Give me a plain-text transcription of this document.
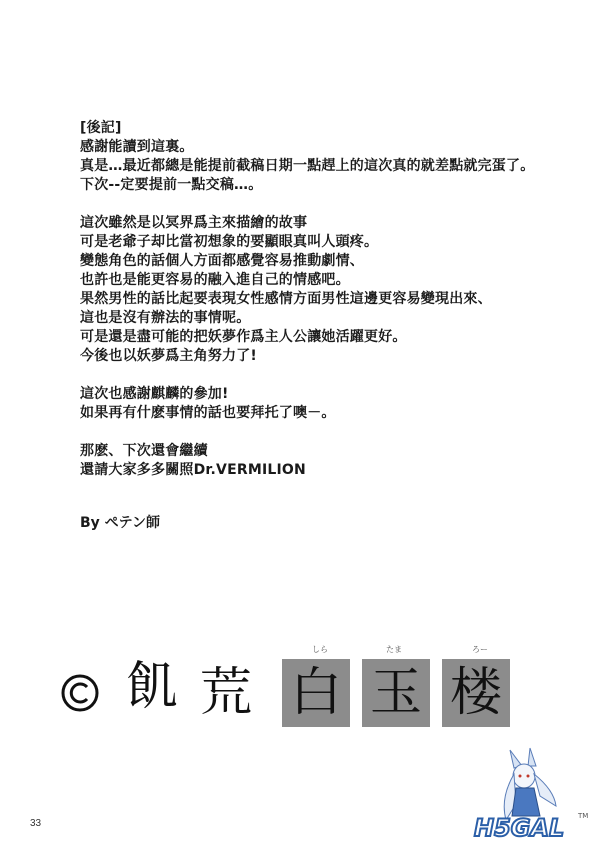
[後記]
感謝能讀到這裏。
真是…最近都總是能提前截稿日期一點趕上的這次真的就差點就完蛋了。
下次--定要提前一點交稿…。
這次雖然是以冥界爲主來描繪的故事
可是老爺子却比當初想象的要顯眼真叫人頭疼。
變態角色的話個人方面都感覺容易推動劇情、
也許也是能更容易的融入進自己的情感吧。
果然男性的話比起要表現女性感情方面男性這邊更容易變現出來、
這也是沒有辦法的事情呢。
可是還是盡可能的把妖夢作爲主人公讓她活躍更好。
今後也以妖夢爲主角努力了!
這次也感謝麒麟的參加!
如果再有什麽事情的話也要拜托了噢－。
那麽、下次還會繼續
還請大家多多關照Dr.VERMILION
By ペテン師
飢 荒
しら	たま	ろー
白 玉 楼
33	H5GAL TM
